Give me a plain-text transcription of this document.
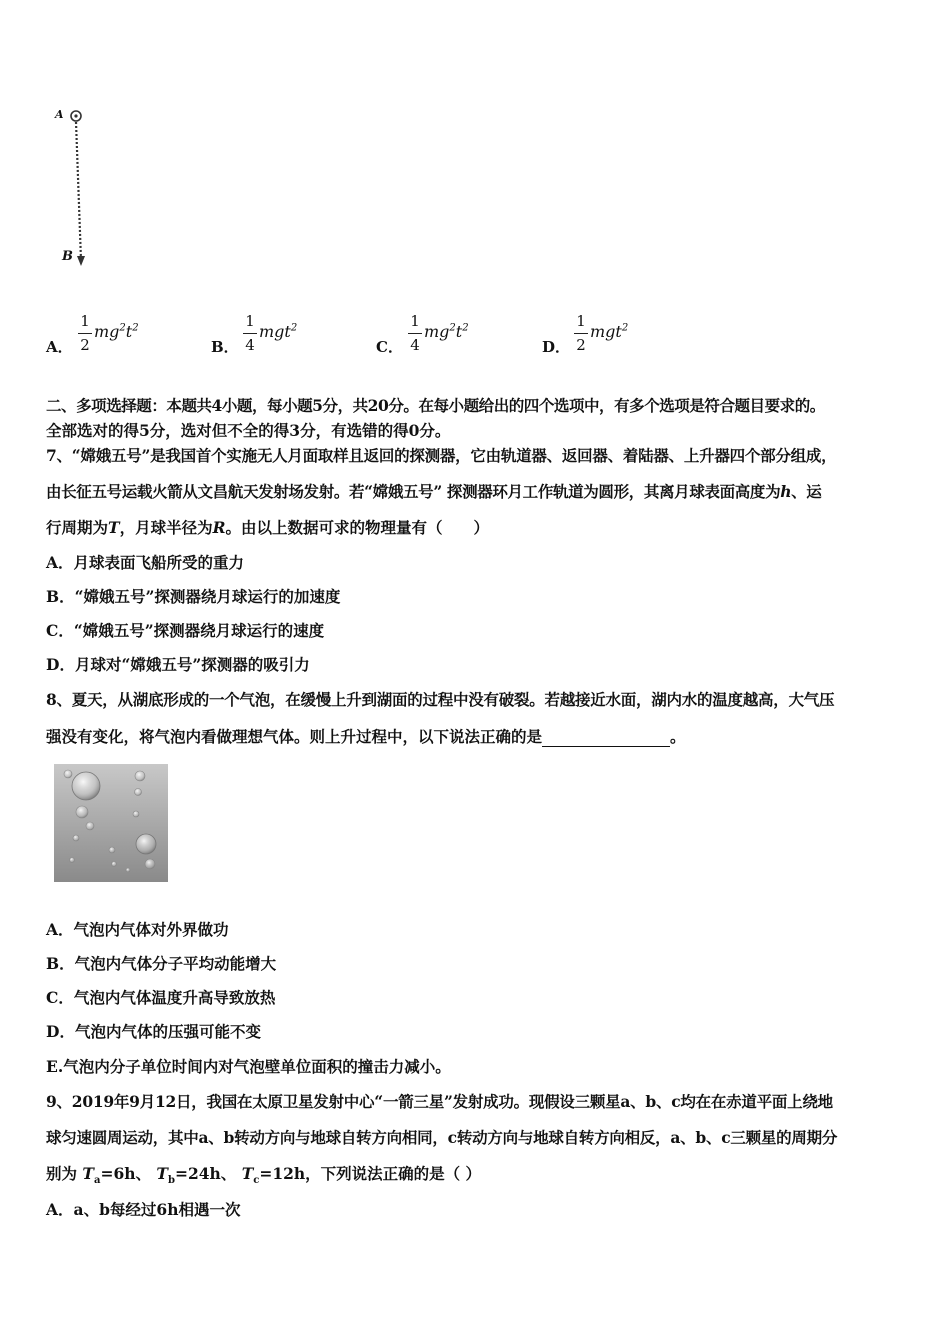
A
B
A．
1
2
$mg^2t^2$
B．
1
4
mgt$^2$
C．
1
4
$mg^2t^2$
D．
1
2
mgt$^2$
二、多项选择题：本题共4小题，每小题5分，共20分。在每小题给出的四个选项中，有多个选项是符合题目要求的。
全部选对的得5分，选对但不全的得3分，有选错的得0分。
7、“嫦娥五号”是我国首个实施无人月面取样且返回的探测器，它由轨道器、返回器、着陆器、上升器四个部分组成，
由长征五号运载火箭从文昌航天发射场发射。若“嫦娥五号” 探测器环月工作轨道为圆形，其离月球表面高度为h、运
行周期为T，月球半径为R。由以上数据可求的物理量有（　　）
A．月球表面飞船所受的重力
B．“嫦娥五号”探测器绕月球运行的加速度
C．“嫦娥五号”探测器绕月球运行的速度
D．月球对“嫦娥五号”探测器的吸引力
8、夏天，从湖底形成的一个气泡，在缓慢上升到湖面的过程中没有破裂。若越接近水面，湖内水的温度越高，大气压
强没有变化，将气泡内看做理想气体。则上升过程中，以下说法正确的是	。
A．气泡内气体对外界做功
B．气泡内气体分子平均动能增大
C．气泡内气体温度升高导致放热
D．气泡内气体的压强可能不变
E.气泡内分子单位时间内对气泡壁单位面积的撞击力减小。
9、2019年9月12日，我国在太原卫星发射中心“一箭三星”发射成功。现假设三颗星a、b、c均在在赤道平面上绕地
球匀速圆周运动，其中a、b转动方向与地球自转方向相同，c转动方向与地球自转方向相反，a、b、c三颗星的周期分
别为 $T_a=6h$、 $T_b=24h$、 $T_c=12h$，下列说法正确的是（ ）
A．a、b每经过6h相遇一次
